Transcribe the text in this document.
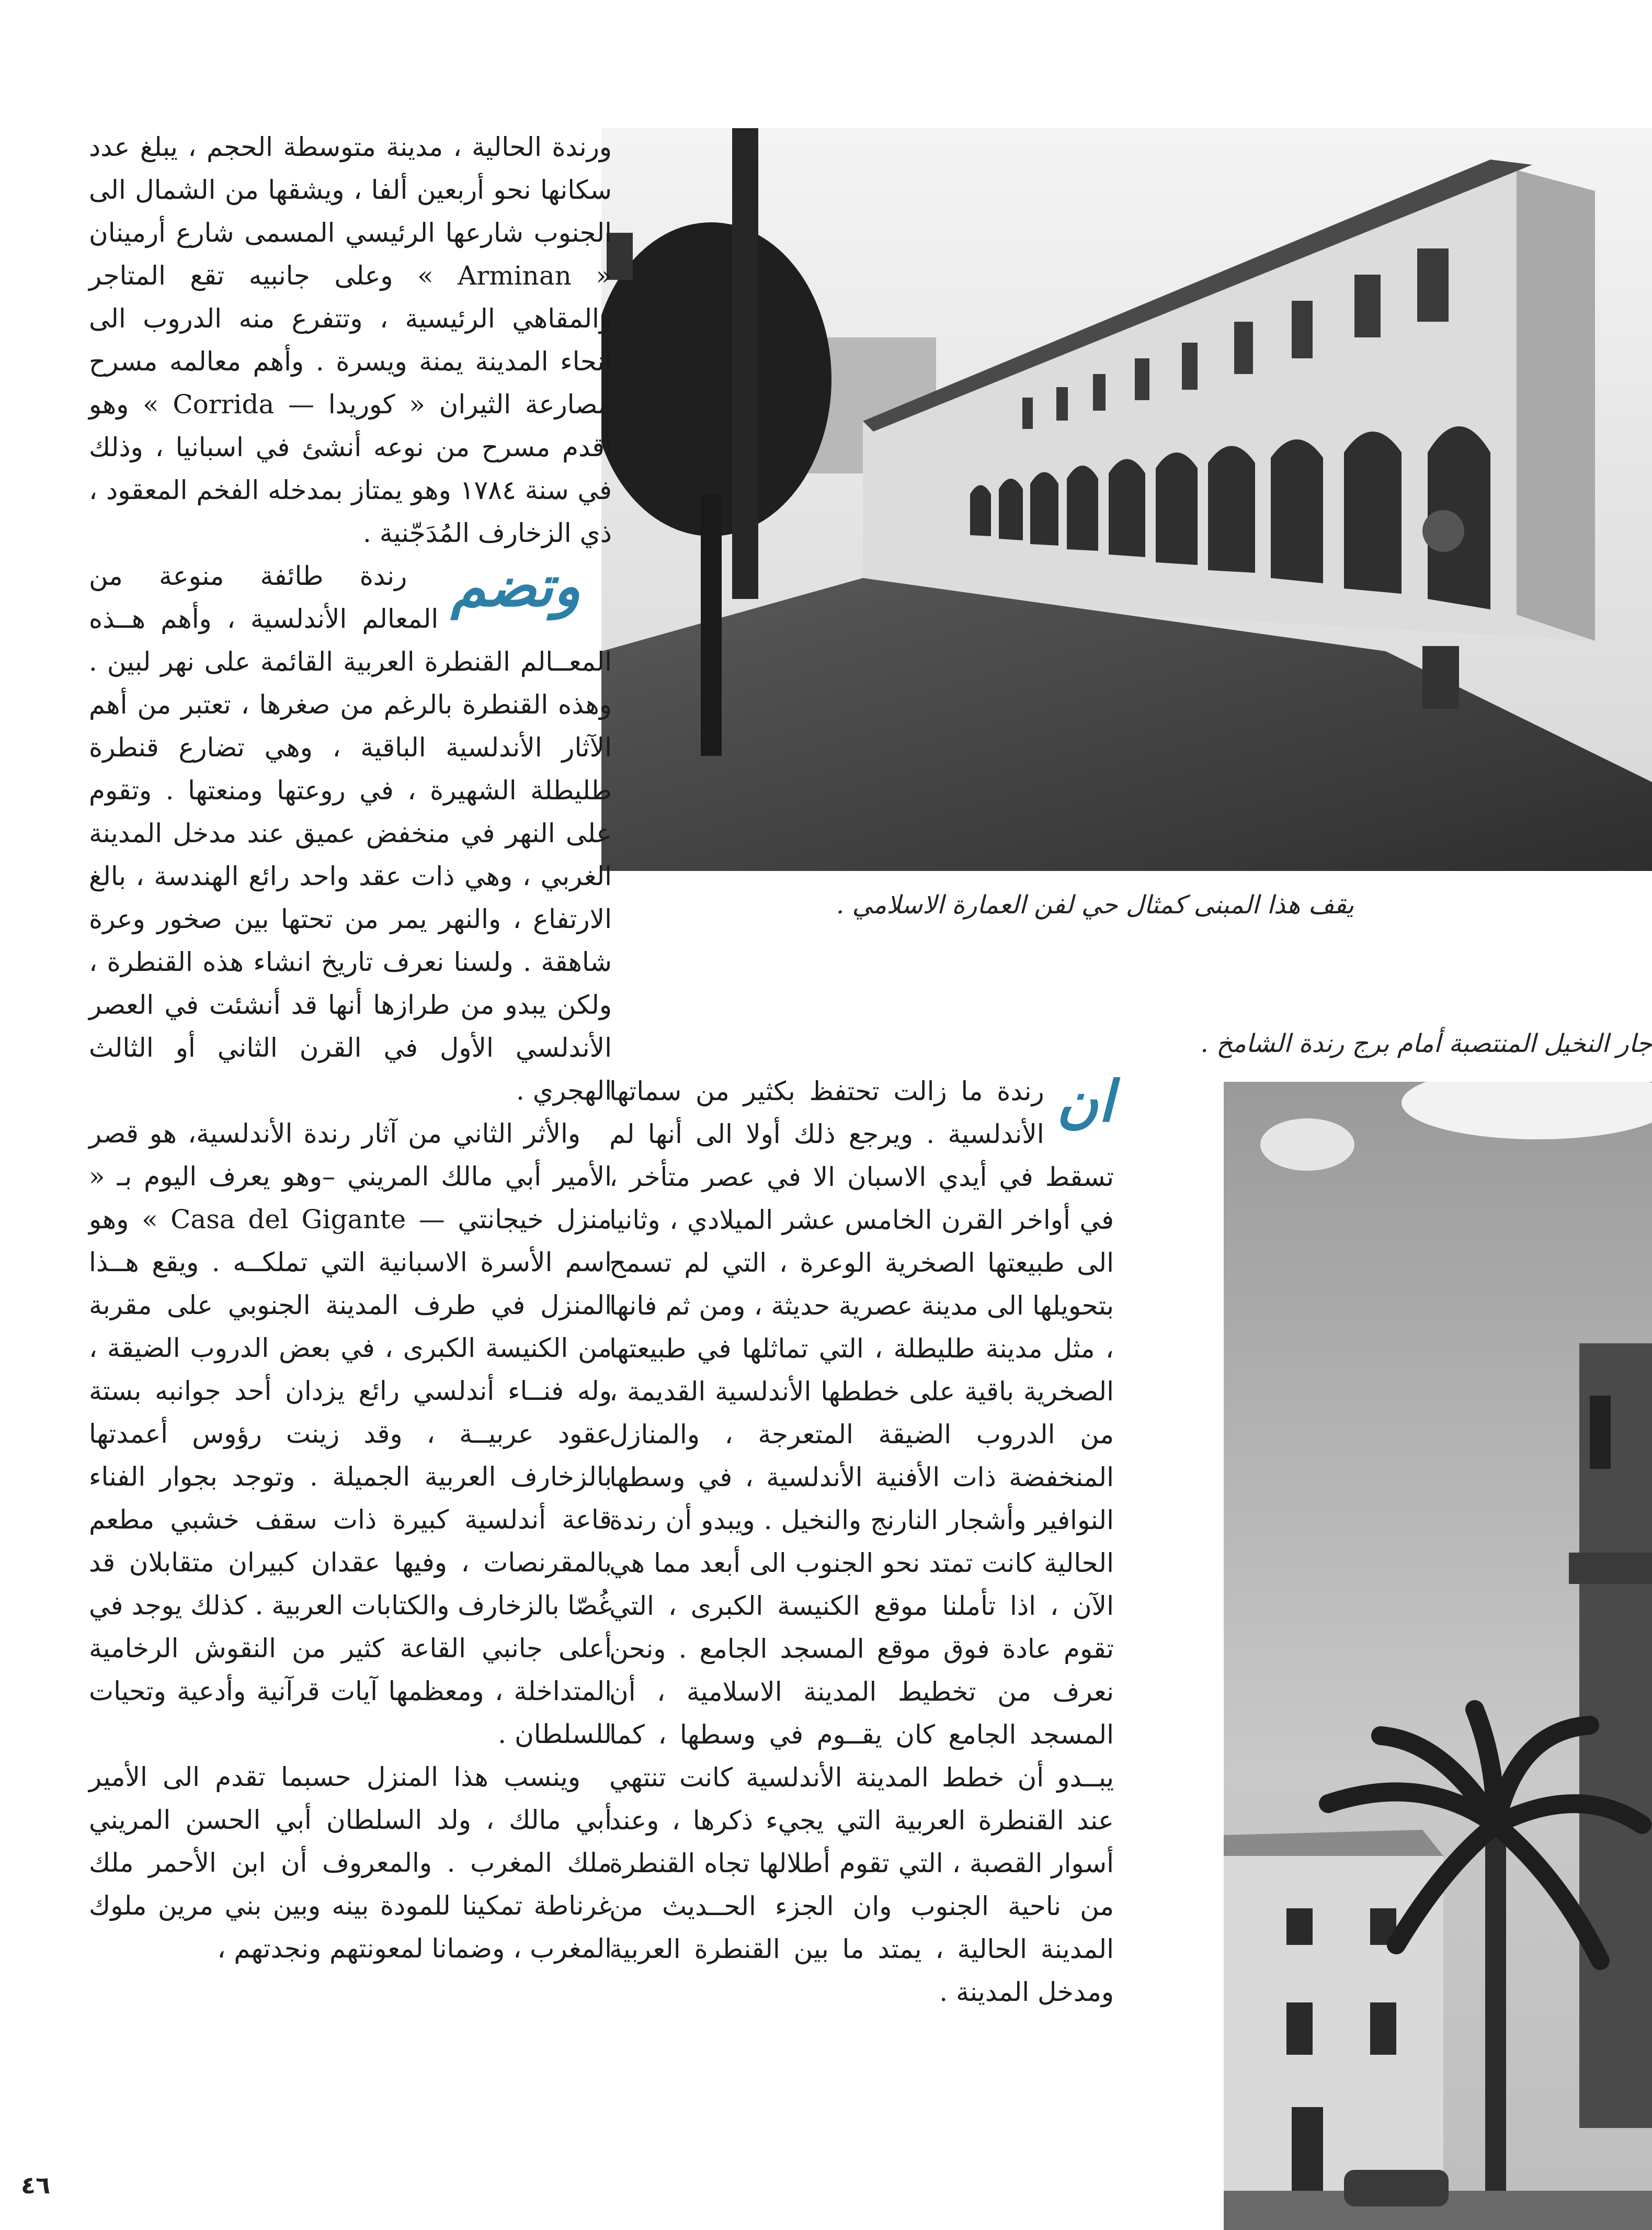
يقف هذا المبنى كمثال حي لفن العمارة الاسلامي .
جار النخيل المنتصبة أمام برج رندة الشامخ .

ورندة الحالية ، مدينة متوسطة الحجم ، يبلغ عدد سكانها نحو أربعين ألفا ، ويشقها من الشمال الى الجنوب شارعها الرئيسي المسمى شارع أرمينان « Arminan » وعلى جانبيه تقع المتاجر والمقاهي الرئيسية ، وتتفرع منه الدروب الى أنحاء المدينة يمنة ويسرة . وأهم معالمه مسرح مصارعة الثيران « كوريدا — Corrida » وهو أقدم مسرح من نوعه أنشئ في اسبانيا ، وذلك في سنة ١٧٨٤ وهو يمتاز بمدخله الفخم المعقود ، ذي الزخارف المُدَجّنية .

وتضم
رندة طائفة منوعة من المعالم الأندلسية ، وأهم هــذه المعــالم القنطرة العربية القائمة على نهر لبين . وهذه القنطرة بالرغم من صغرها ، تعتبر من أهم الآثار الأندلسية الباقية ، وهي تضارع قنطرة طليطلة الشهيرة ، في روعتها ومنعتها . وتقوم على النهر في منخفض عميق عند مدخل المدينة الغربي ، وهي ذات عقد واحد رائع الهندسة ، بالغ الارتفاع ، والنهر يمر من تحتها بين صخور وعرة شاهقة . ولسنا نعرف تاريخ انشاء هذه القنطرة ، ولكن يبدو من طرازها أنها قد أنشئت في العصر الأندلسي الأول في القرن الثاني أو الثالث الهجري .

والأثر الثاني من آثار رندة الأندلسية، هو قصر الأمير أبي مالك المريني –وهو يعرف اليوم بـ « منزل خيجانتي — Casa del Gigante » وهو اسم الأسرة الاسبانية التي تملكــه . ويقع هــذا المنزل في طرف المدينة الجنوبي على مقربة من الكنيسة الكبرى ، في بعض الدروب الضيقة ، وله فنــاء أندلسي رائع يزدان أحد جوانبه بستة عقود عربيــة ، وقد زينت رؤوس أعمدتها بالزخارف العربية الجميلة . وتوجد بجوار الفناء قاعة أندلسية كبيرة ذات سقف خشبي مطعم بالمقرنصات ، وفيها عقدان كبيران متقابلان قد غُصّا بالزخارف والكتابات العربية . كذلك يوجد في أعلى جانبي القاعة كثير من النقوش الرخامية المتداخلة ، ومعظمها آيات قرآنية وأدعية وتحيات للسلطان .

وينسب هذا المنزل حسبما تقدم الى الأمير أبي مالك ، ولد السلطان أبي الحسن المريني ملك المغرب . والمعروف أن ابن الأحمر ملك غرناطة تمكينا للمودة بينه وبين بني مرين ملوك المغرب ، وضمانا لمعونتهم ونجدتهم ،

ان
رندة ما زالت تحتفظ بكثير من سماتها الأندلسية . ويرجع ذلك أولا الى أنها لم تسقط في أيدي الاسبان الا في عصر متأخر ، في أواخر القرن الخامس عشر الميلادي ، وثانيا الى طبيعتها الصخرية الوعرة ، التي لم تسمح بتحويلها الى مدينة عصرية حديثة ، ومن ثم فانها ، مثل مدينة طليطلة ، التي تماثلها في طبيعتها الصخرية باقية على خططها الأندلسية القديمة ، من الدروب الضيقة المتعرجة ، والمنازل المنخفضة ذات الأفنية الأندلسية ، في وسطها النوافير وأشجار النارنج والنخيل . ويبدو أن رندة الحالية كانت تمتد نحو الجنوب الى أبعد مما هي الآن ، اذا تأملنا موقع الكنيسة الكبرى ، التي تقوم عادة فوق موقع المسجد الجامع . ونحن نعرف من تخطيط المدينة الاسلامية ، أن المسجد الجامع كان يقــوم في وسطها ، كما يبــدو أن خطط المدينة الأندلسية كانت تنتهي عند القنطرة العربية التي يجيء ذكرها ، وعند أسوار القصبة ، التي تقوم أطلالها تجاه القنطرة من ناحية الجنوب وان الجزء الحــديث من المدينة الحالية ، يمتد ما بين القنطرة العربية ومدخل المدينة .

٤٦
